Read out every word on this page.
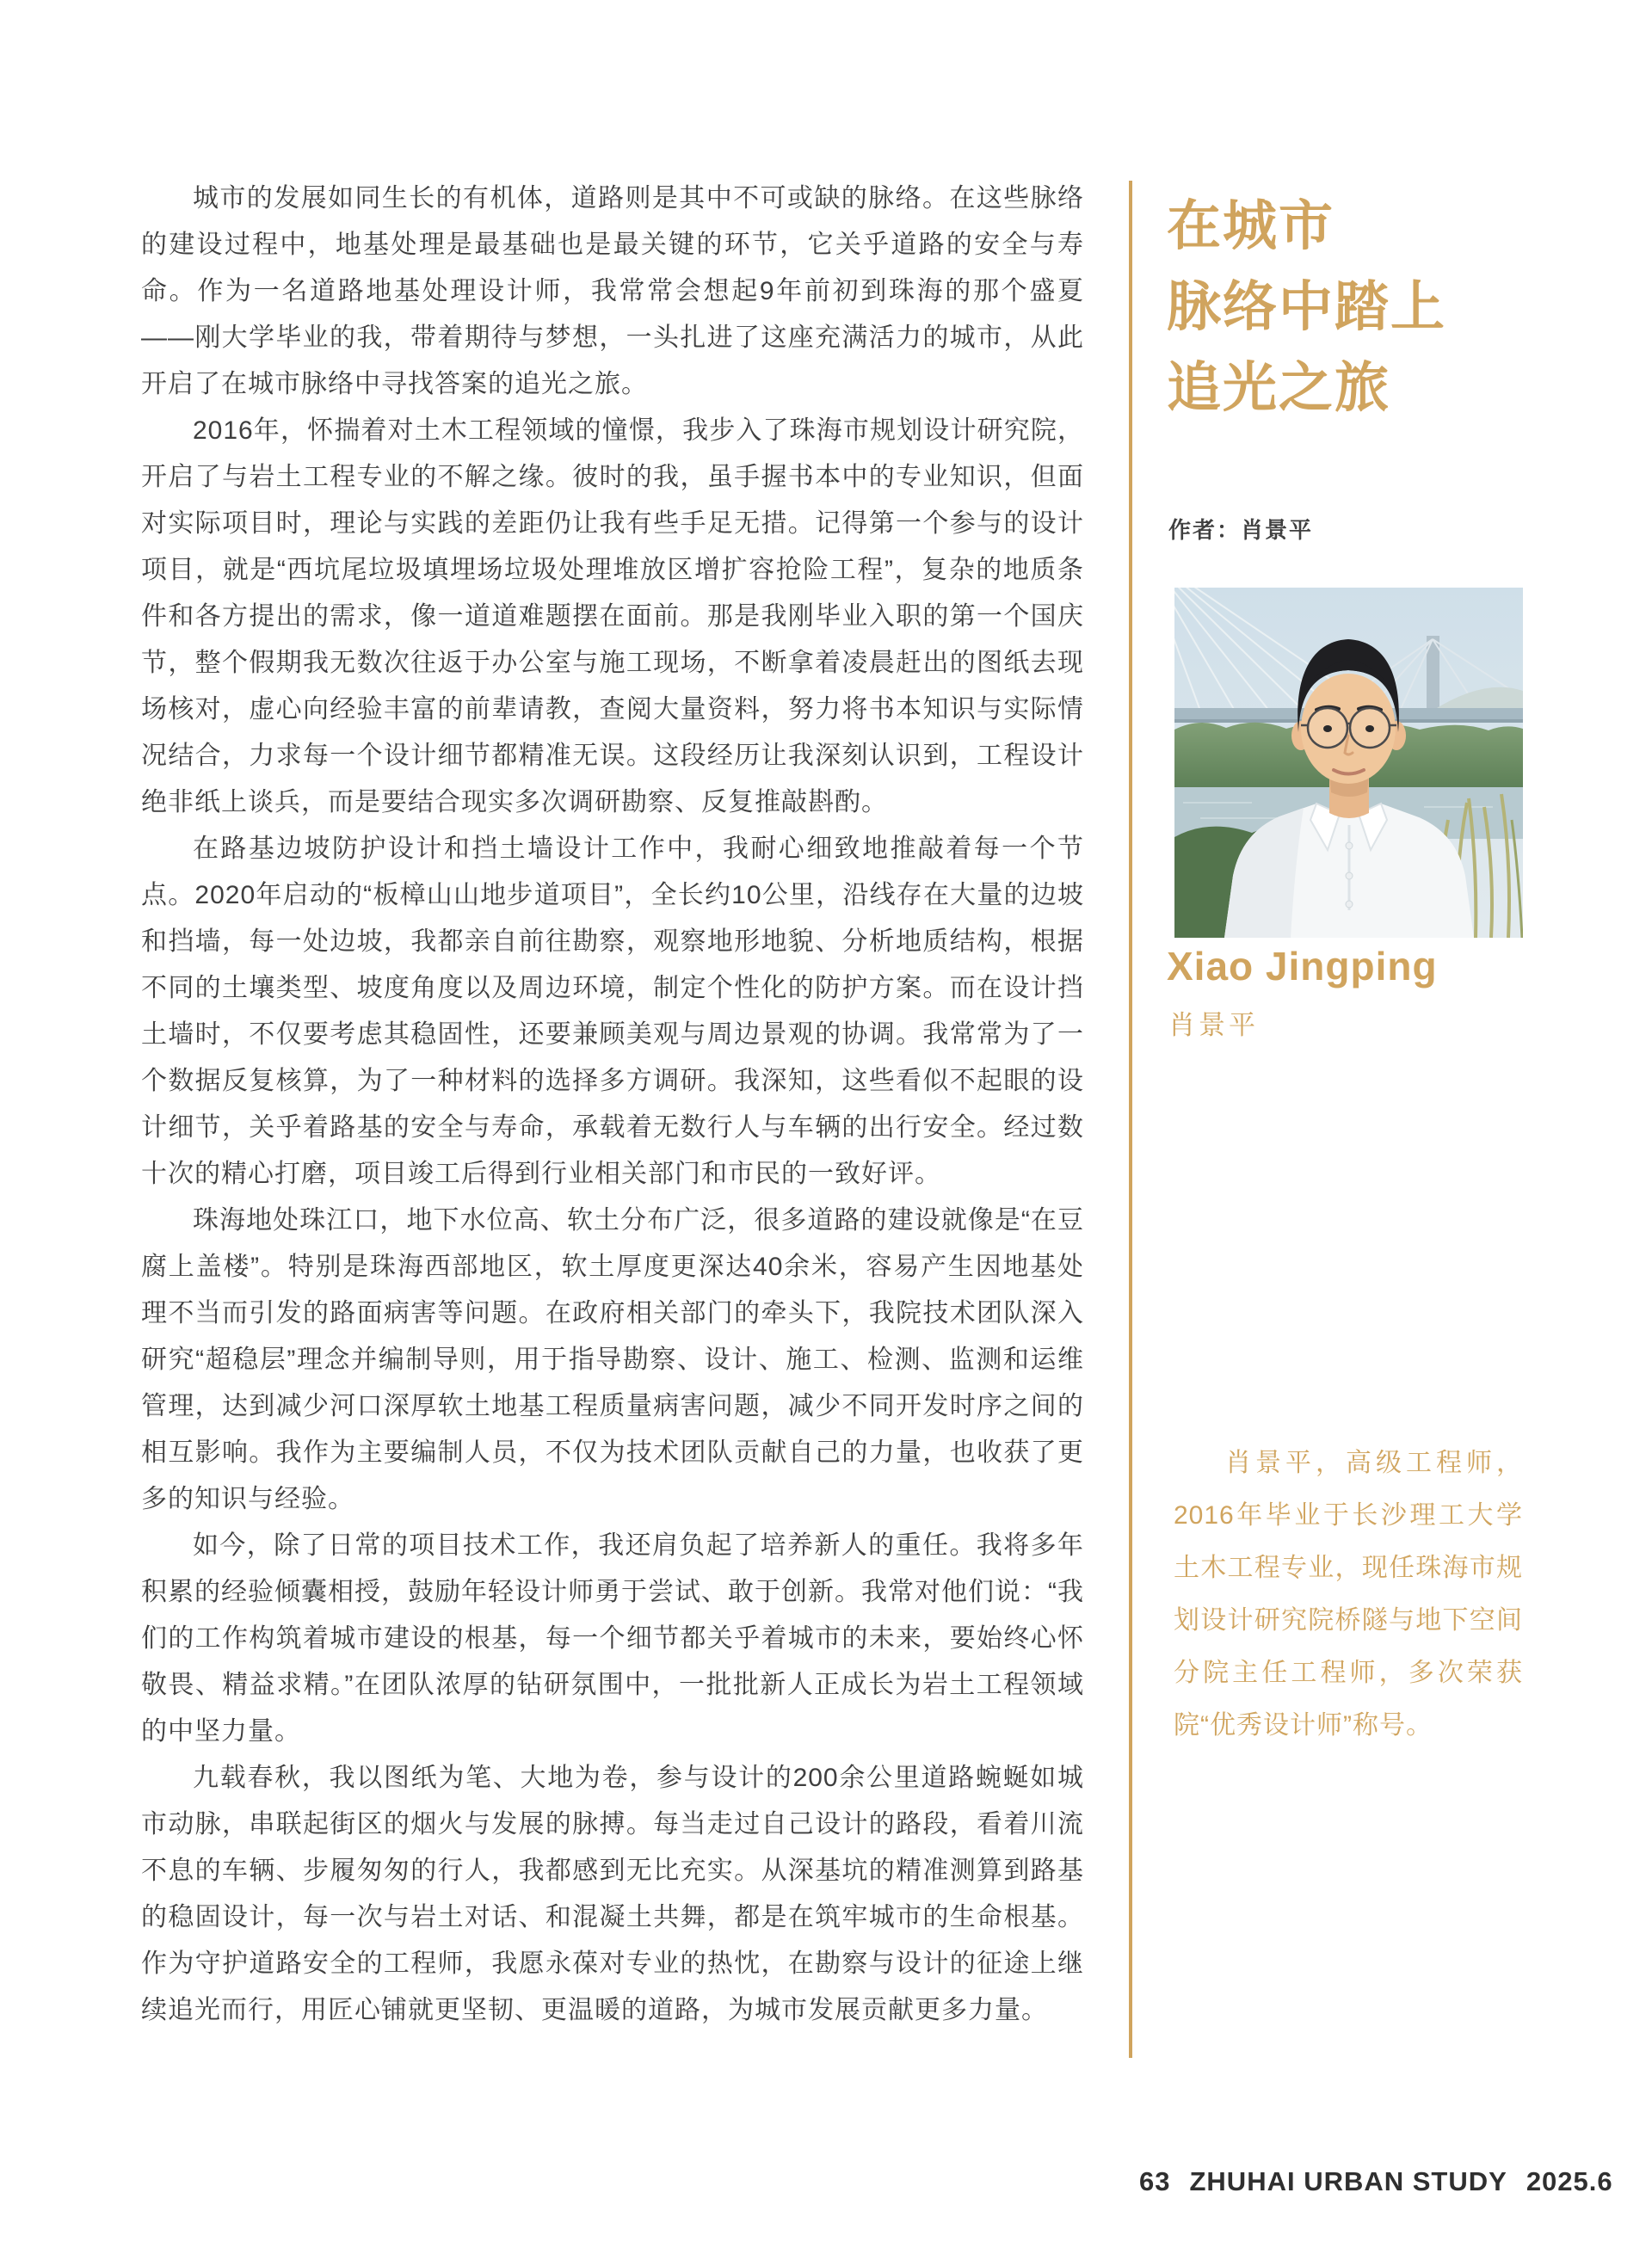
城市的发展如同生长的有机体，道路则是其中不可或缺的脉络。在这些脉络的建设过程中，地基处理是最基础也是最关键的环节，它关乎道路的安全与寿命。作为一名道路地基处理设计师，我常常会想起9年前初到珠海的那个盛夏——刚大学毕业的我，带着期待与梦想，一头扎进了这座充满活力的城市，从此开启了在城市脉络中寻找答案的追光之旅。

2016年，怀揣着对土木工程领域的憧憬，我步入了珠海市规划设计研究院，开启了与岩土工程专业的不解之缘。彼时的我，虽手握书本中的专业知识，但面对实际项目时，理论与实践的差距仍让我有些手足无措。记得第一个参与的设计项目，就是“西坑尾垃圾填埋场垃圾处理堆放区增扩容抢险工程”，复杂的地质条件和各方提出的需求，像一道道难题摆在面前。那是我刚毕业入职的第一个国庆节，整个假期我无数次往返于办公室与施工现场，不断拿着凌晨赶出的图纸去现场核对，虚心向经验丰富的前辈请教，查阅大量资料，努力将书本知识与实际情况结合，力求每一个设计细节都精准无误。这段经历让我深刻认识到，工程设计绝非纸上谈兵，而是要结合现实多次调研勘察、反复推敲斟酌。

在路基边坡防护设计和挡土墙设计工作中，我耐心细致地推敲着每一个节点。2020年启动的“板樟山山地步道项目”，全长约10公里，沿线存在大量的边坡和挡墙，每一处边坡，我都亲自前往勘察，观察地形地貌、分析地质结构，根据不同的土壤类型、坡度角度以及周边环境，制定个性化的防护方案。而在设计挡土墙时，不仅要考虑其稳固性，还要兼顾美观与周边景观的协调。我常常为了一个数据反复核算，为了一种材料的选择多方调研。我深知，这些看似不起眼的设计细节，关乎着路基的安全与寿命，承载着无数行人与车辆的出行安全。经过数十次的精心打磨，项目竣工后得到行业相关部门和市民的一致好评。

珠海地处珠江口，地下水位高、软土分布广泛，很多道路的建设就像是“在豆腐上盖楼”。特别是珠海西部地区，软土厚度更深达40余米，容易产生因地基处理不当而引发的路面病害等问题。在政府相关部门的牵头下，我院技术团队深入研究“超稳层”理念并编制导则，用于指导勘察、设计、施工、检测、监测和运维管理，达到减少河口深厚软土地基工程质量病害问题，减少不同开发时序之间的相互影响。我作为主要编制人员，不仅为技术团队贡献自己的力量，也收获了更多的知识与经验。

如今，除了日常的项目技术工作，我还肩负起了培养新人的重任。我将多年积累的经验倾囊相授，鼓励年轻设计师勇于尝试、敢于创新。我常对他们说：“我们的工作构筑着城市建设的根基，每一个细节都关乎着城市的未来，要始终心怀敬畏、精益求精。”在团队浓厚的钻研氛围中，一批批新人正成长为岩土工程领域的中坚力量。

九载春秋，我以图纸为笔、大地为卷，参与设计的200余公里道路蜿蜒如城市动脉，串联起街区的烟火与发展的脉搏。每当走过自己设计的路段，看着川流不息的车辆、步履匆匆的行人，我都感到无比充实。从深基坑的精准测算到路基的稳固设计，每一次与岩土对话、和混凝土共舞，都是在筑牢城市的生命根基。作为守护道路安全的工程师，我愿永葆对专业的热忱，在勘察与设计的征途上继续追光而行，用匠心铺就更坚韧、更温暖的道路，为城市发展贡献更多力量。

在城市
脉络中踏上
追光之旅
作者：肖景平
Xiao Jingping
肖景平
肖景平，高级工程师，2016年毕业于长沙理工大学土木工程专业，现任珠海市规划设计研究院桥隧与地下空间分院主任工程师，多次荣获院“优秀设计师”称号。
63 ZHUHAI URBAN STUDY 2025.6
